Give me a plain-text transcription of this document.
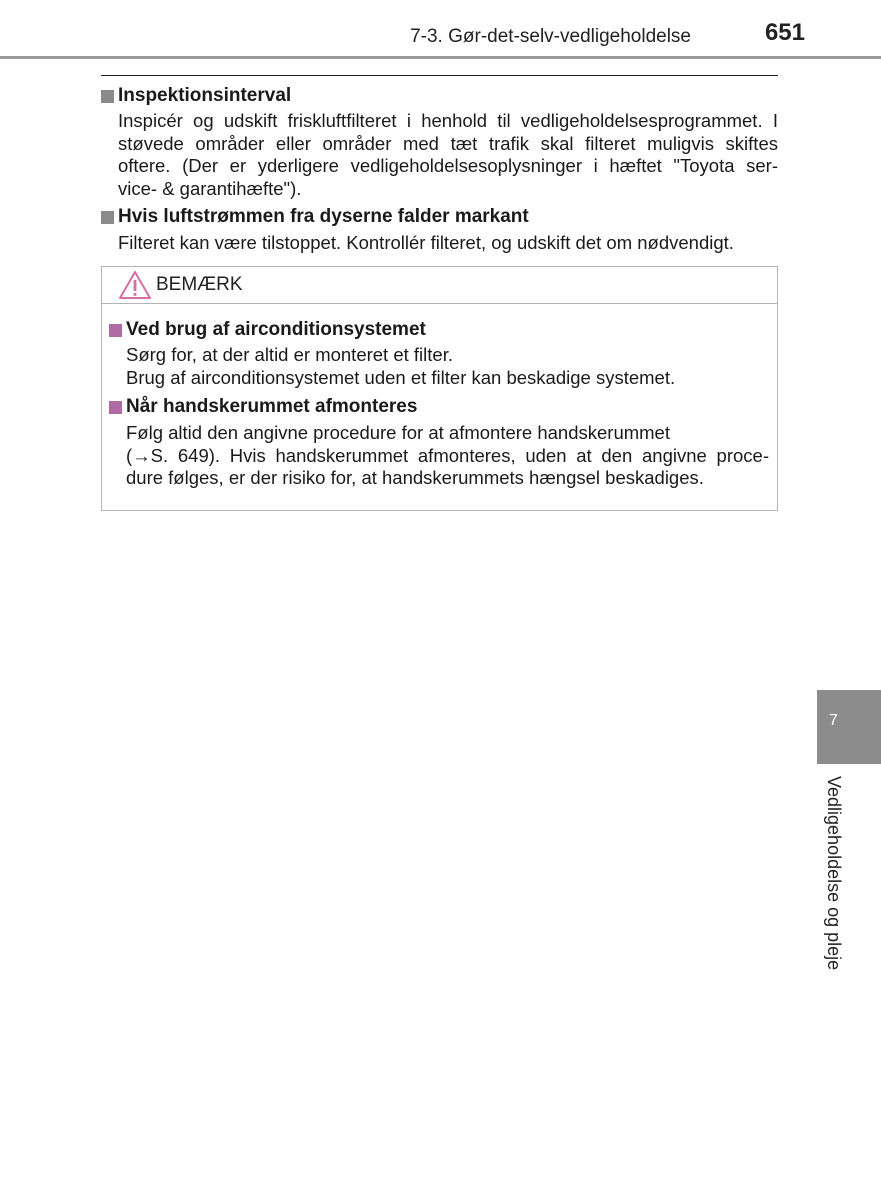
7-3. Gør-det-selv-vedligeholdelse	651
Inspektionsinterval
Inspicér og udskift friskluftfilteret i henhold til vedligeholdelsesprogrammet. I
støvede områder eller områder med tæt trafik skal filteret muligvis skiftes
oftere. (Der er yderligere vedligeholdelsesoplysninger i hæftet "Toyota ser-
vice- & garantihæfte").
Hvis luftstrømmen fra dyserne falder markant
Filteret kan være tilstoppet. Kontrollér filteret, og udskift det om nødvendigt.
BEMÆRK
Ved brug af airconditionsystemet
Sørg for, at der altid er monteret et filter.
Brug af airconditionsystemet uden et filter kan beskadige systemet.
Når handskerummet afmonteres
Følg altid den angivne procedure for at afmontere handskerummet
(→S. 649). Hvis handskerummet afmonteres, uden at den angivne proce-
dure følges, er der risiko for, at handskerummets hængsel beskadiges.
7
Vedligeholdelse og pleje
